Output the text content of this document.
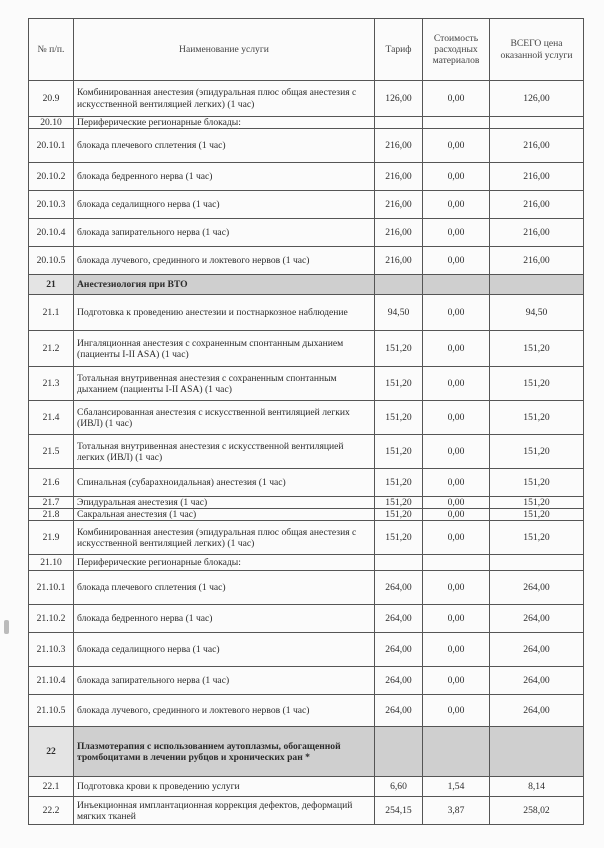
№ п/п.	Наименование услуги	Тариф	Стоимость расходных материалов	ВСЕГО цена оказанной услуги
20.9	Комбинированная анестезия (эпидуральная плюс общая анестезия с искусственной вентиляцией легких) (1 час)	126,00	0,00	126,00
20.10	Периферические регионарные блокады:			
20.10.1	блокада плечевого сплетения (1 час)	216,00	0,00	216,00
20.10.2	блокада бедренного нерва (1 час)	216,00	0,00	216,00
20.10.3	блокада седалищного нерва (1 час)	216,00	0,00	216,00
20.10.4	блокада запирательного нерва (1 час)	216,00	0,00	216,00
20.10.5	блокада лучевого, срединного и локтевого нервов (1 час)	216,00	0,00	216,00
21	Анестезиология при ВТО			
21.1	Подготовка к проведению анестезии и постнаркозное наблюдение	94,50	0,00	94,50
21.2	Ингаляционная анестезия с сохраненным спонтанным дыханием (пациенты I-II ASA) (1 час)	151,20	0,00	151,20
21.3	Тотальная внутривенная анестезия с сохраненным спонтанным дыханием (пациенты I-II ASA) (1 час)	151,20	0,00	151,20
21.4	Сбалансированная анестезия с искусственной вентиляцией легких (ИВЛ) (1 час)	151,20	0,00	151,20
21.5	Тотальная внутривенная анестезия с искусственной вентиляцией легких (ИВЛ) (1 час)	151,20	0,00	151,20
21.6	Спинальная (субарахноидальная) анестезия (1 час)	151,20	0,00	151,20
21.7	Эпидуральная анестезия (1 час)	151,20	0,00	151,20
21.8	Сакральная анестезия (1 час)	151,20	0,00	151,20
21.9	Комбинированная анестезия (эпидуральная плюс общая анестезия с искусственной вентиляцией легких) (1 час)	151,20	0,00	151,20
21.10	Периферические регионарные блокады:			
21.10.1	блокада плечевого сплетения (1 час)	264,00	0,00	264,00
21.10.2	блокада бедренного нерва (1 час)	264,00	0,00	264,00
21.10.3	блокада седалищного нерва (1 час)	264,00	0,00	264,00
21.10.4	блокада запирательного нерва (1 час)	264,00	0,00	264,00
21.10.5	блокада лучевого, срединного и локтевого нервов (1 час)	264,00	0,00	264,00
22	Плазмотерапия с использованием аутоплазмы, обогащенной тромбоцитами в лечении рубцов и хронических ран *			
22.1	Подготовка крови к проведению услуги	6,60	1,54	8,14
22.2	Инъекционная имплантационная коррекция дефектов, деформаций мягких тканей	254,15	3,87	258,02
